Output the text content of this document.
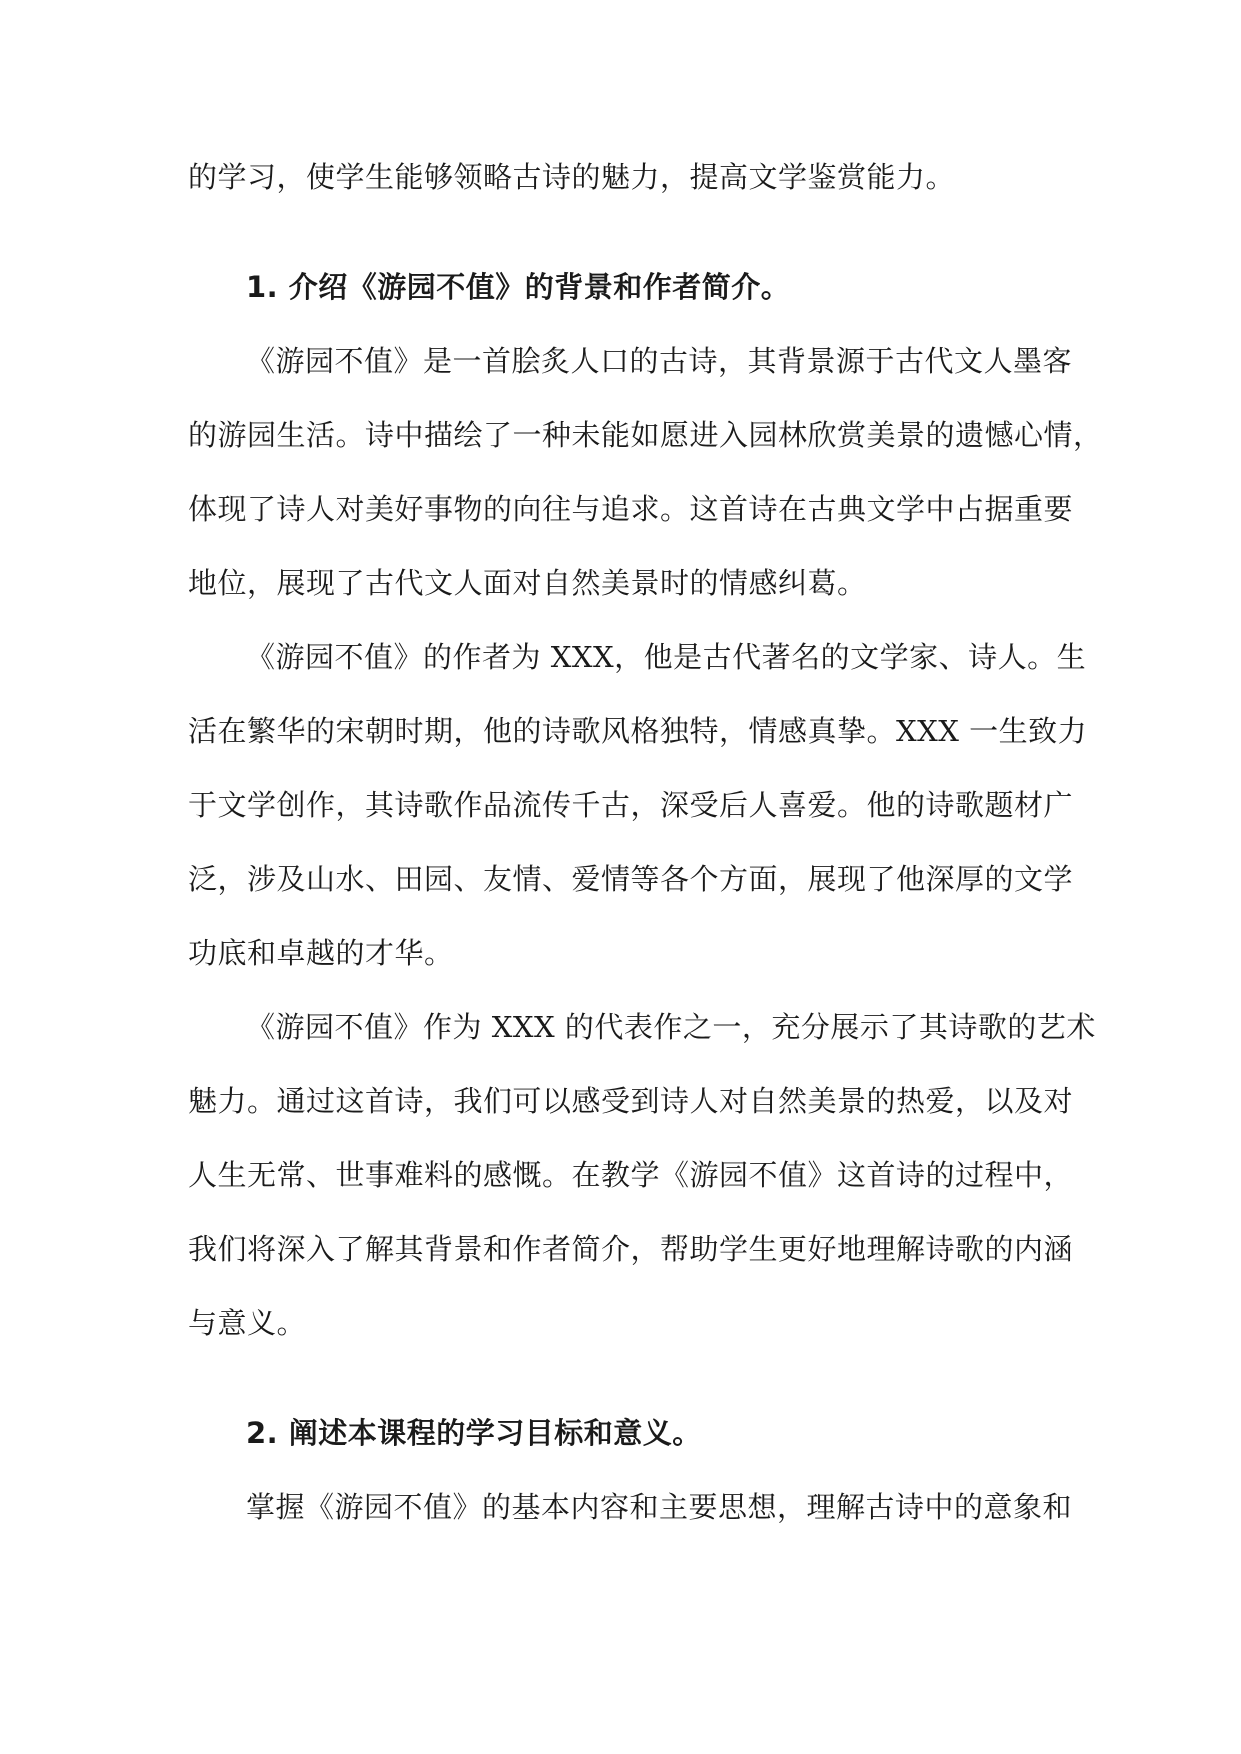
的学习，使学生能够领略古诗的魅力，提高文学鉴赏能力。
1. 介绍《游园不值》的背景和作者简介。
《游园不值》是一首脍炙人口的古诗，其背景源于古代文人墨客
的游园生活。诗中描绘了一种未能如愿进入园林欣赏美景的遗憾心情，
体现了诗人对美好事物的向往与追求。这首诗在古典文学中占据重要
地位，展现了古代文人面对自然美景时的情感纠葛。
《游园不值》的作者为 XXX，他是古代著名的文学家、诗人。生
活在繁华的宋朝时期，他的诗歌风格独特，情感真挚。XXX 一生致力
于文学创作，其诗歌作品流传千古，深受后人喜爱。他的诗歌题材广
泛，涉及山水、田园、友情、爱情等各个方面，展现了他深厚的文学
功底和卓越的才华。
《游园不值》作为 XXX 的代表作之一，充分展示了其诗歌的艺术
魅力。通过这首诗，我们可以感受到诗人对自然美景的热爱，以及对
人生无常、世事难料的感慨。在教学《游园不值》这首诗的过程中，
我们将深入了解其背景和作者简介，帮助学生更好地理解诗歌的内涵
与意义。
2. 阐述本课程的学习目标和意义。
掌握《游园不值》的基本内容和主要思想，理解古诗中的意象和
